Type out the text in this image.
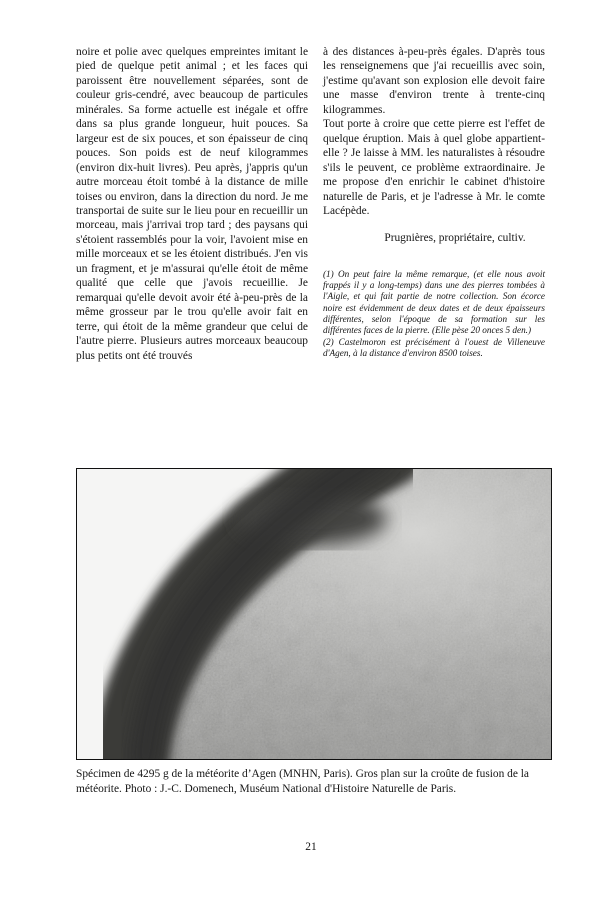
noire et polie avec quelques empreintes imitant le pied de quelque petit animal ; et les faces qui paroissent être nouvellement séparées, sont de couleur gris-cendré, avec beaucoup de particules minérales. Sa forme actuelle est inégale et offre dans sa plus grande longueur, huit pouces. Sa largeur est de six pouces, et son épaisseur de cinq pouces. Son poids est de neuf kilogrammes (environ dix-huit livres). Peu après, j'appris qu'un autre morceau étoit tombé à la distance de mille toises ou environ, dans la direction du nord. Je me transportai de suite sur le lieu pour en recueillir un morceau, mais j'arrivai trop tard ; des paysans qui s'étoient rassemblés pour la voir, l'avoient mise en mille morceaux et se les étoient distribués. J'en vis un fragment, et je m'assurai qu'elle étoit de même qualité que celle que j'avois recueillie. Je remarquai qu'elle devoit avoir été à-peu-près de la même grosseur par le trou qu'elle avoir fait en terre, qui étoit de la même grandeur que celui de l'autre pierre. Plusieurs autres morceaux beaucoup plus petits ont été trouvés

à des distances à-peu-près égales. D'après tous les renseignemens que j'ai recueillis avec soin, j'estime qu'avant son explosion elle devoit faire une masse d'environ trente à trente-cinq kilogrammes.

Tout porte à croire que cette pierre est l'effet de quelque éruption. Mais à quel globe appartient-elle ? Je laisse à MM. les naturalistes à résoudre s'ils le peuvent, ce problème extraordinaire. Je me propose d'en enrichir le cabinet d'histoire naturelle de Paris, et je l'adresse à Mr. le comte Lacépède.

Prugnières, propriétaire, cultiv.

(1) On peut faire la même remarque, (et elle nous avoit frappés il y a long-temps) dans une des pierres tombées à l'Aigle, et qui fait partie de notre collection. Son écorce noire est évidemment de deux dates et de deux épaisseurs différentes, selon l'époque de sa formation sur les différentes faces de la pierre. (Elle pèse 20 onces 5 den.)

(2) Castelmoron est précisément à l'ouest de Villeneuve d'Agen, à la distance d'environ 8500 toises.

Spécimen de 4295 g de la météorite d’Agen (MNHN, Paris). Gros plan sur la croûte de fusion de la météorite. Photo : J.-C. Domenech, Muséum National d'Histoire Naturelle de Paris.

21
